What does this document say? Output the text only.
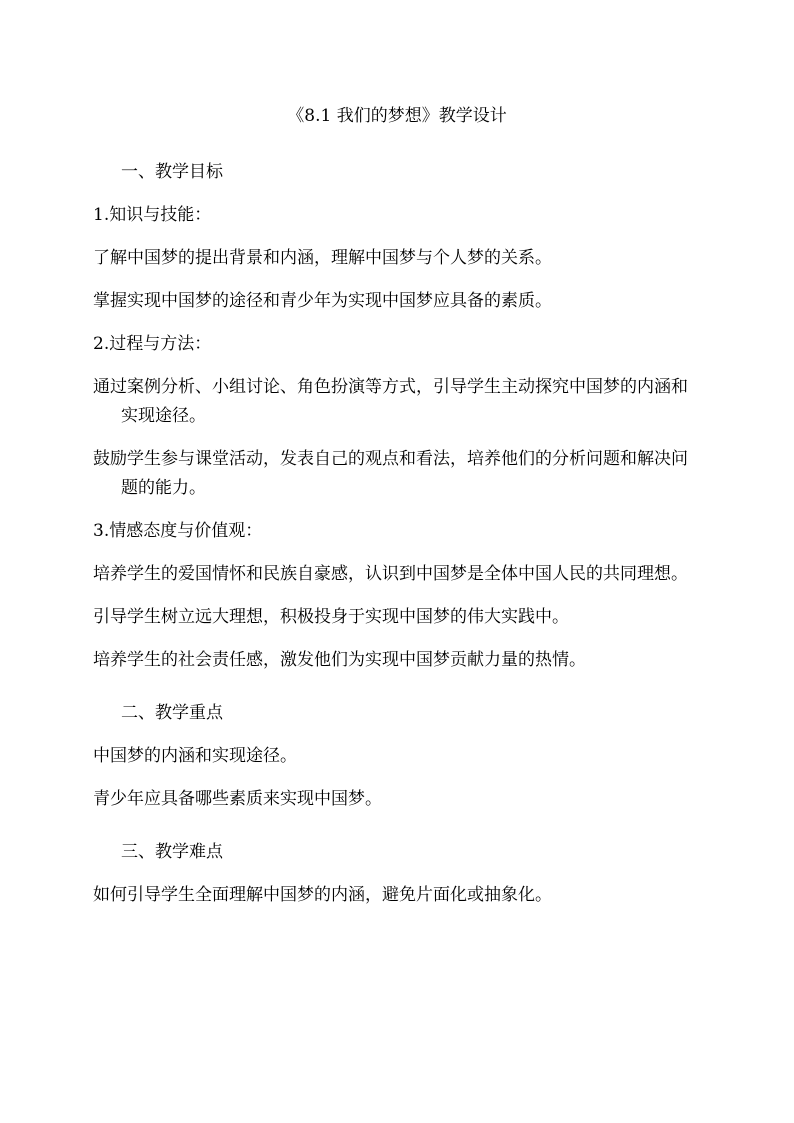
《8.1 我们的梦想》教学设计

一、教学目标

1.知识与技能：

了解中国梦的提出背景和内涵，理解中国梦与个人梦的关系。

掌握实现中国梦的途径和青少年为实现中国梦应具备的素质。

2.过程与方法：

通过案例分析、小组讨论、角色扮演等方式，引导学生主动探究中国梦的内涵和实现途径。

鼓励学生参与课堂活动，发表自己的观点和看法，培养他们的分析问题和解决问题的能力。

3.情感态度与价值观：

培养学生的爱国情怀和民族自豪感，认识到中国梦是全体中国人民的共同理想。

引导学生树立远大理想，积极投身于实现中国梦的伟大实践中。

培养学生的社会责任感，激发他们为实现中国梦贡献力量的热情。

二、教学重点

中国梦的内涵和实现途径。

青少年应具备哪些素质来实现中国梦。

三、教学难点

如何引导学生全面理解中国梦的内涵，避免片面化或抽象化。
